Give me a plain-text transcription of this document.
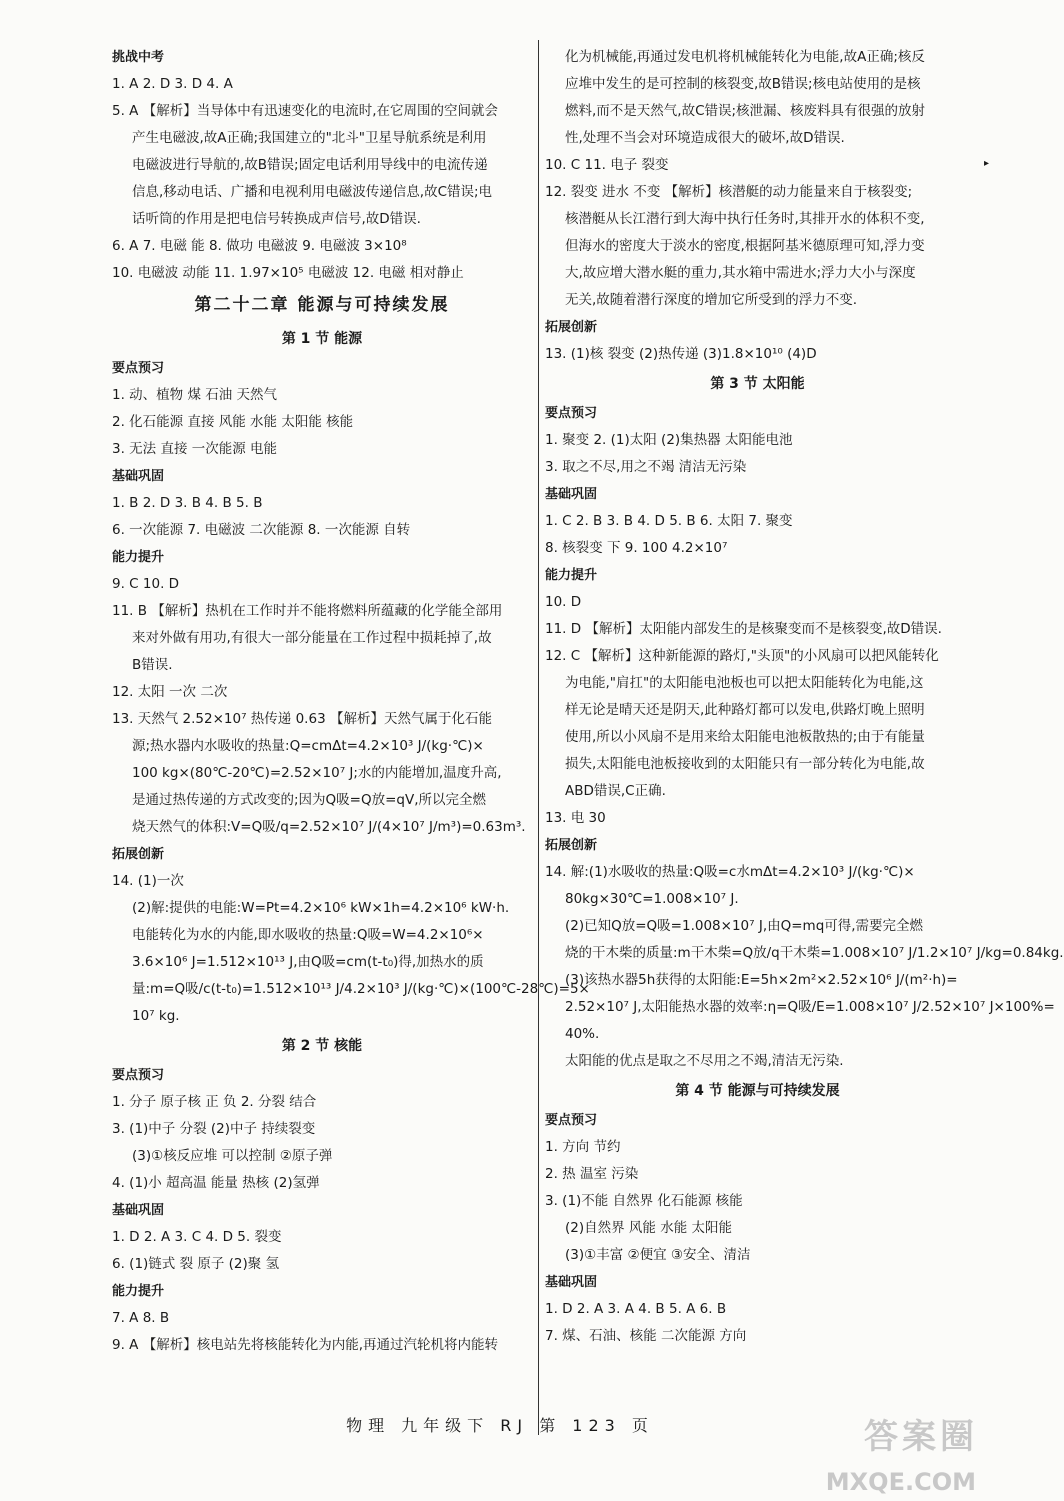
挑战中考
1. A 2. D 3. D 4. A
5. A 【解析】当导体中有迅速变化的电流时,在它周围的空间就会
产生电磁波,故A正确;我国建立的"北斗"卫星导航系统是利用
电磁波进行导航的,故B错误;固定电话利用导线中的电流传递
信息,移动电话、广播和电视利用电磁波传递信息,故C错误;电
话听筒的作用是把电信号转换成声信号,故D错误.
6. A 7. 电磁 能 8. 做功 电磁波 9. 电磁波 3×10⁸
10. 电磁波 动能 11. 1.97×10⁵ 电磁波 12. 电磁 相对静止
第二十二章 能源与可持续发展
第 1 节 能源
要点预习
1. 动、植物 煤 石油 天然气
2. 化石能源 直接 风能 水能 太阳能 核能
3. 无法 直接 一次能源 电能
基础巩固
1. B 2. D 3. B 4. B 5. B
6. 一次能源 7. 电磁波 二次能源 8. 一次能源 自转
能力提升
9. C 10. D
11. B 【解析】热机在工作时并不能将燃料所蕴藏的化学能全部用
来对外做有用功,有很大一部分能量在工作过程中损耗掉了,故
B错误.
12. 太阳 一次 二次
13. 天然气 2.52×10⁷ 热传递 0.63 【解析】天然气属于化石能
源;热水器内水吸收的热量:Q=cmΔt=4.2×10³ J/(kg·℃)×
100 kg×(80℃-20℃)=2.52×10⁷ J;水的内能增加,温度升高,
是通过热传递的方式改变的;因为Q吸=Q放=qV,所以完全燃
烧天然气的体积:V=Q吸/q=2.52×10⁷ J/(4×10⁷ J/m³)=0.63m³.
拓展创新
14. (1)一次
(2)解:提供的电能:W=Pt=4.2×10⁶ kW×1h=4.2×10⁶ kW·h.
电能转化为水的内能,即水吸收的热量:Q吸=W=4.2×10⁶×
3.6×10⁶ J=1.512×10¹³ J,由Q吸=cm(t-t₀)得,加热水的质
量:m=Q吸/c(t-t₀)=1.512×10¹³ J/4.2×10³ J/(kg·℃)×(100℃-28℃)=5×
10⁷ kg.
第 2 节 核能
要点预习
1. 分子 原子核 正 负 2. 分裂 结合
3. (1)中子 分裂 (2)中子 持续裂变
(3)①核反应堆 可以控制 ②原子弹
4. (1)小 超高温 能量 热核 (2)氢弹
基础巩固
1. D 2. A 3. C 4. D 5. 裂变
6. (1)链式 裂 原子 (2)聚 氢
能力提升
7. A 8. B
9. A 【解析】核电站先将核能转化为内能,再通过汽轮机将内能转
化为机械能,再通过发电机将机械能转化为电能,故A正确;核反
应堆中发生的是可控制的核裂变,故B错误;核电站使用的是核
燃料,而不是天然气,故C错误;核泄漏、核废料具有很强的放射
性,处理不当会对环境造成很大的破坏,故D错误.
10. C 11. 电子 裂变
12. 裂变 进水 不变 【解析】核潜艇的动力能量来自于核裂变;
核潜艇从长江潜行到大海中执行任务时,其排开水的体积不变,
但海水的密度大于淡水的密度,根据阿基米德原理可知,浮力变
大,故应增大潜水艇的重力,其水箱中需进水;浮力大小与深度
无关,故随着潜行深度的增加它所受到的浮力不变.
拓展创新
13. (1)核 裂变 (2)热传递 (3)1.8×10¹⁰ (4)D
第 3 节 太阳能
要点预习
1. 聚变 2. (1)太阳 (2)集热器 太阳能电池
3. 取之不尽,用之不竭 清洁无污染
基础巩固
1. C 2. B 3. B 4. D 5. B 6. 太阳 7. 聚变
8. 核裂变 下 9. 100 4.2×10⁷
能力提升
10. D
11. D 【解析】太阳能内部发生的是核聚变而不是核裂变,故D错误.
12. C 【解析】这种新能源的路灯,"头顶"的小风扇可以把风能转化
为电能,"肩扛"的太阳能电池板也可以把太阳能转化为电能,这
样无论是晴天还是阴天,此种路灯都可以发电,供路灯晚上照明
使用,所以小风扇不是用来给太阳能电池板散热的;由于有能量
损失,太阳能电池板接收到的太阳能只有一部分转化为电能,故
ABD错误,C正确.
13. 电 30
拓展创新
14. 解:(1)水吸收的热量:Q吸=c水mΔt=4.2×10³ J/(kg·℃)×
80kg×30℃=1.008×10⁷ J.
(2)已知Q放=Q吸=1.008×10⁷ J,由Q=mq可得,需要完全燃
烧的干木柴的质量:m干木柴=Q放/q干木柴=1.008×10⁷ J/1.2×10⁷ J/kg=0.84kg.
(3)该热水器5h获得的太阳能:E=5h×2m²×2.52×10⁶ J/(m²·h)=
2.52×10⁷ J,太阳能热水器的效率:η=Q吸/E=1.008×10⁷ J/2.52×10⁷ J×100%=
40%.
太阳能的优点是取之不尽用之不竭,清洁无污染.
第 4 节 能源与可持续发展
要点预习
1. 方向 节约
2. 热 温室 污染
3. (1)不能 自然界 化石能源 核能
(2)自然界 风能 水能 太阳能
(3)①丰富 ②便宜 ③安全、清洁
基础巩固
1. D 2. A 3. A 4. B 5. A 6. B
7. 煤、石油、核能 二次能源 方向
▸
物理 九年级下 RJ 第 123 页	答案圈
MXQE.COM
